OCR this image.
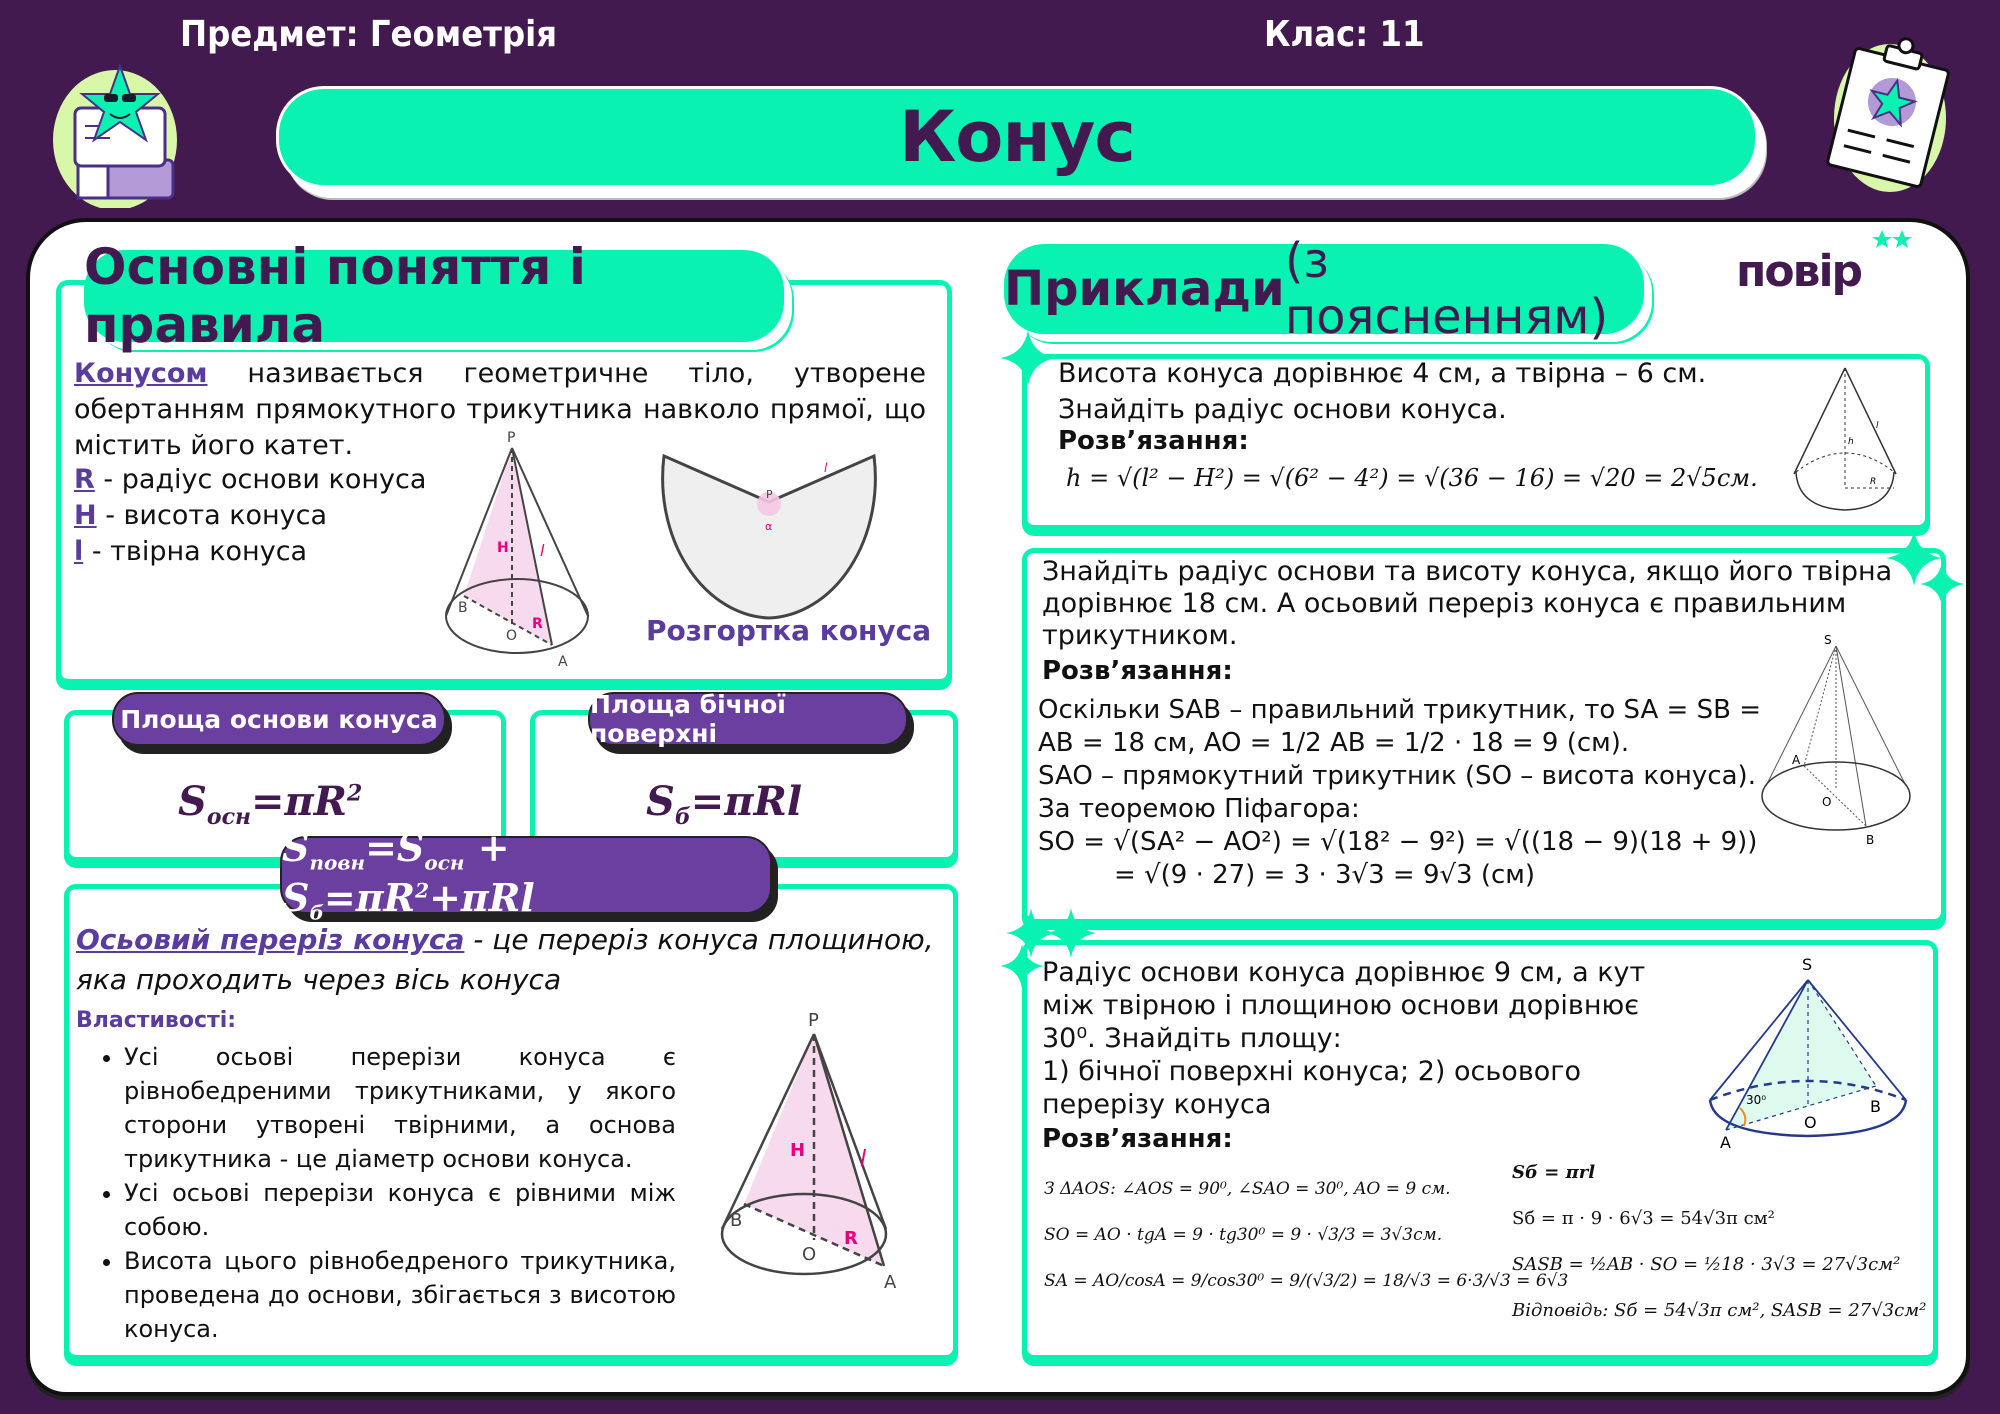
Предмет: Геометрія	Клас: 11
Конус
повір
Основні поняття і правила
Конусом називається геометричне тіло, утворене обертанням прямокутного трикутника навколо прямої, що містить його катет.
R - радіус основи конуса
H - висота конуса
l - твірна конуса
P
H l
B
O
R
A
P
l
α
Розгортка конуса
Площа основи конуса
$S_{осн}=\pi R^2$
Площа бічної поверхні
$S_б=\pi Rl$
$S_{повн}=S_{осн} + S_б=\pi R^2+\pi Rl$
Осьовий переріз конуса - це переріз конуса площиною, яка проходить через вісь конуса
Властивості:
• Усі осьові перерізи конуса є рівнобедреними трикутниками, у якого сторони утворені твірними, а основа трикутника - це діаметр основи конуса.
• Усі осьові перерізи конуса є рівними між собою.
• Висота цього рівнобедреного трикутника, проведена до основи, збігається з висотою конуса.
P
H l
B
O
R
A
Приклади (з поясненням)
Висота конуса дорівнює 4 см, а твірна – 6 см. Знайдіть радіус основи конуса.
Розв’язання:
h = √(l² − H²) = √(6² − 4²) = √(36 − 16) = √20 = 2√5см.
h
l
R
Знайдіть радіус основи та висоту конуса, якщо його твірна дорівнює 18 см. А осьовий переріз конуса є правильним трикутником.
Розв’язання:
Оскільки SAB – правильний трикутник, то SA = SB =
AB = 18 см, AO = 1/2 AB = 1/2 · 18 = 9 (см).
SAO – прямокутний трикутник (SO – висота конуса).
За теоремою Піфагора:
SO = √(SA² − AO²) = √(18² − 9²) = √((18 − 9)(18 + 9))
= √(9 · 27) = 3 · 3√3 = 9√3 (см)
S
A
O
B
Радіус основи конуса дорівнює 9 см, а кут
між твірною і площиною основи дорівнює
30⁰. Знайдіть площу:
1) бічної поверхні конуса; 2) осьового
перерізу конуса
Розв’язання:
З ΔAOS: ∠AOS = 90⁰, ∠SAO = 30⁰, AO = 9 см.
SO = AO · tgA = 9 · tg30⁰ = 9 · √3/3 = 3√3см.
SA = AO/cosA = 9/cos30⁰ = 9/(√3/2) = 18/√3 = 6·3/√3 = 6√3
Sб = πrl
Sб = π · 9 · 6√3 = 54√3π см²
SASB = ½AB · SO = ½18 · 3√3 = 27√3см²
Відповідь: Sб = 54√3π см², SASB = 27√3см²
S
B
O
A
30⁰
